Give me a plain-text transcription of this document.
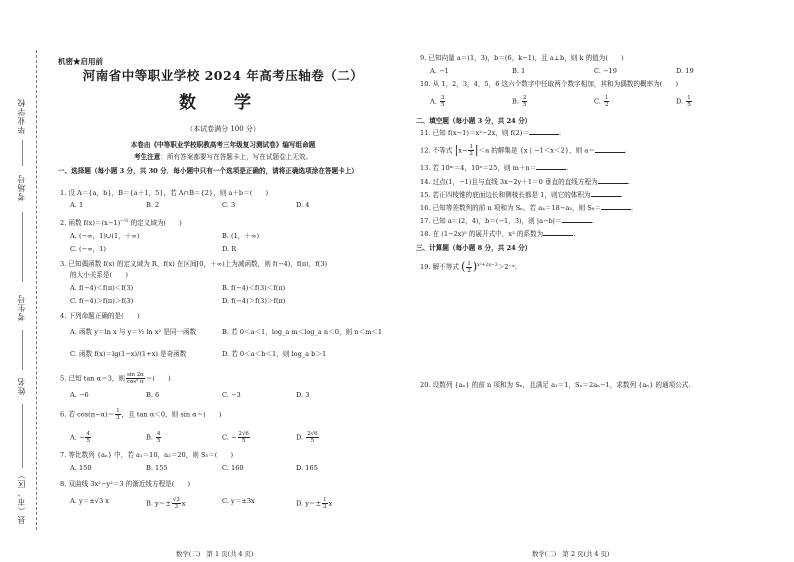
毕业学校
考场号
考生号
姓名
县（市、区）
机密★启用前
河南省中等职业学校 2024 年高考压轴卷（二）
数 学
（本试卷满分 100 分）
本卷由《中等职业学校职教高考三年级复习测试卷》编写组命题
考生注意：所有答案都要写在答题卡上，写在试题卷上无效。
一、选择题（每小题 3 分，共 30 分．每小题中只有一个选项是正确的，请将正确选项涂在答题卡上）
1. 设 A＝{a，b}，B＝{a＋1，5}，若 A∩B＝{2}，则 a＋b＝(　　)
A. 1	B. 2	C. 3	D. 4
2. 函数 $f(x)=(x-1)^{-\frac{1}{2}}$ 的定义域为(　　)
A. (−∞，1)∪(1，＋∞)	B. (1，＋∞)
C. (−∞，1)	D. R
3. 已知偶函数 f(x) 的定义域为 R，f(x) 在区间[0，＋∞)上为减函数，则 f(−4)，f(π)，f(3)
的大小关系是(　　)
A. f(−4)＜f(π)＜f(3)	B. f(−4)＜f(3)＜f(π)
C. f(−4)＞f(π)＞f(3)	D. f(−4)＞f(3)＞f(π)
4. 下列命题正确的是(　　)
A. 函数 y＝ln x 与 y＝½ ln x² 是同一函数	B. 若 0＜a＜1，log_a m＜log_a n＜0，则 n＜m＜1
C. 函数 f(x)＝lg(1−x)/(1+x) 是奇函数	D. 若 0＜a＜b＜1，则 log_a b＞1
5. 已知 tan α＝3，则 $\frac{\sin 2\alpha}{\text{cos² α}}$ ＝(　　)
A. −6	B. 6	C. −3	D. 3
6. 若 $\cos(\pi-\alpha)= \frac{1}{3}$ ，且 tan α＜0，则 sin α＝(　　)
A. − $\frac{4}{5}$	B. $\frac{4}{5}$	C. − $\frac{2√6}{5}$	D. $\frac{2√6}{5}$
7. 等比数列 {aₙ} 中，若 a₁＝10，a₂＝20，则 S₅＝(　　)
A. 150	B. 155	C. 160	D. 165
8. 双曲线 3x²−y²＝3 的渐近线方程是(　　)
A. y＝±√3 x	B. $y=\pm \frac{√3}{3}$ x	C. y＝±3x	D. $y=\pm \frac{1}{3}$ x
数学(二)　第 1 页(共 4 页)
9. 已知向量 a＝(1，3)，b＝(6，k−1)，且 a⊥b，则 k 的值为(　　)
A. −1	B. 1	C. −19	D. 19
10. 从 1，2，3，4，5，6 这六个数字中任取两个数字相加，其和为偶数的概率为(　　)
A. $\frac{3}{5}$	B. $\frac{2}{5}$	C. $\frac{1}{2}$	D. $\frac{1}{5}$
二、填空题（每小题 3 分，共 24 分）
11. 已知 f(x−1)＝x²−2x，则 f(2)＝	.
12. 不等式 $|x- \frac{1}{2} |<a$ 的解集是 {x | −1＜x＜2}，则 a＝	.
13. 若 10ᵐ＝4，10ⁿ＝25，则 m＋n＝	.
14. 过点(1，−1)且与直线 3x−2y＋1＝0 垂直的直线方程为	.
15. 若正四棱锥的底面边长和侧棱长都是 1，则它的体积为	.
16. 已知等差数列的前 n 项和为 Sₙ，若 a₄＝18−a₅，则 S₈＝	.
17. 已知 a＝(2，4)，b＝(−1，3)，则 |a−b|＝	.
18. 在 (1−2x)⁵ 的展开式中，x³ 的系数为	.
三、计算题（每小题 8 分，共 24 分）
19. 解不等式 ( $\frac{1}{2}$ )$^{x^2+2x-3}$＞2⁻ˣ.
20. 设数列 {aₙ} 的前 n 项和为 Sₙ，且满足 a₁＝1，Sₙ＝2aₙ−1，求数列 {aₙ} 的通项公式.
数学(二)　第 2 页(共 4 页)
